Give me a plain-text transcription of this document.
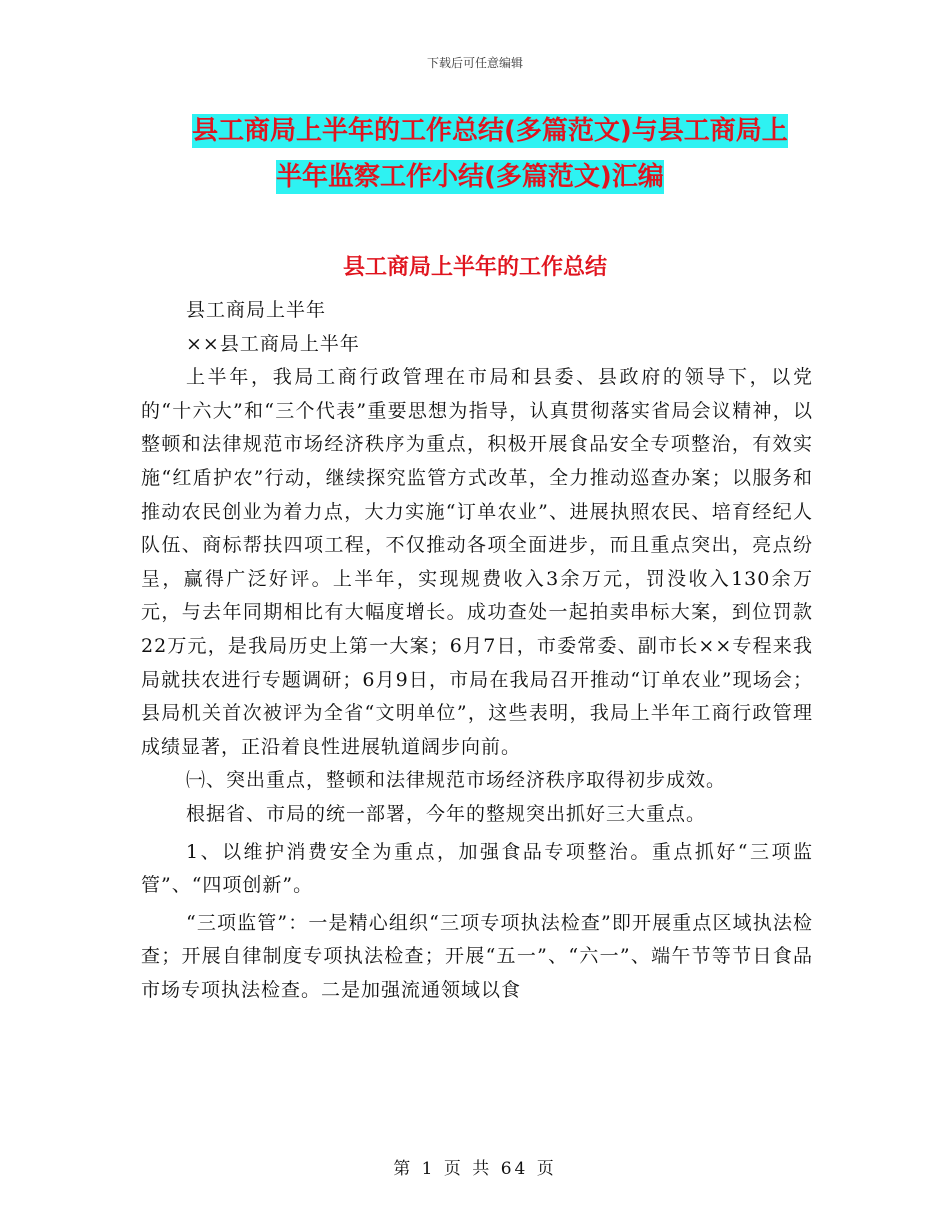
下载后可任意编辑
县工商局上半年的工作总结(多篇范文)与县工商局上
半年监察工作小结(多篇范文)汇编
县工商局上半年的工作总结

县工商局上半年

××县工商局上半年

上半年，我局工商行政管理在市局和县委、县政府的领导下，以党的“十六大”和“三个代表”重要思想为指导，认真贯彻落实省局会议精神，以整顿和法律规范市场经济秩序为重点，积极开展食品安全专项整治，有效实施“红盾护农”行动，继续探究监管方式改革，全力推动巡查办案；以服务和推动农民创业为着力点，大力实施“订单农业”、进展执照农民、培育经纪人队伍、商标帮扶四项工程，不仅推动各项全面进步，而且重点突出，亮点纷呈，赢得广泛好评。上半年，实现规费收入3余万元，罚没收入130余万元，与去年同期相比有大幅度增长。成功查处一起拍卖串标大案，到位罚款22万元，是我局历史上第一大案；6月7日，市委常委、副市长××专程来我局就扶农进行专题调研；6月9日，市局在我局召开推动“订单农业”现场会；县局机关首次被评为全省“文明单位”，这些表明，我局上半年工商行政管理成绩显著，正沿着良性进展轨道阔步向前。

㈠、突出重点，整顿和法律规范市场经济秩序取得初步成效。

根据省、市局的统一部署，今年的整规突出抓好三大重点。

1、以维护消费安全为重点，加强食品专项整治。重点抓好“三项监管”、“四项创新”。

“三项监管”：一是精心组织“三项专项执法检查”即开展重点区域执法检查；开展自律制度专项执法检查；开展“五一”、“六一”、端午节等节日食品市场专项执法检查。二是加强流通领域以食

第 1 页 共 64 页
